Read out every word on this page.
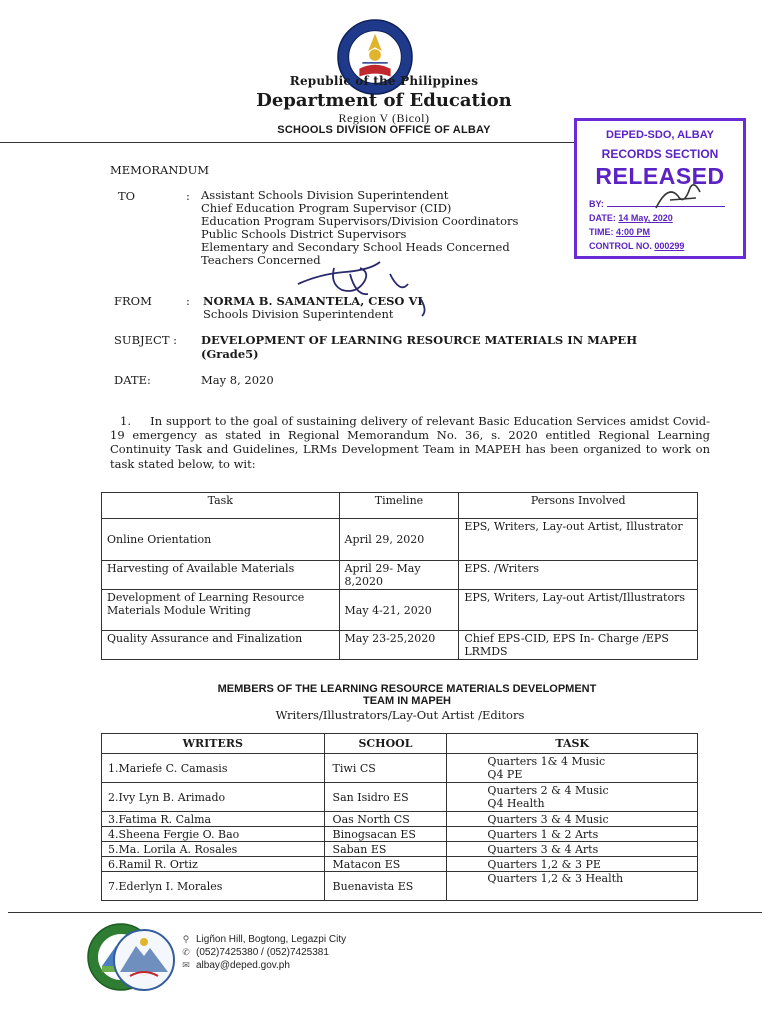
Republic of the Philippines
Department of Education
Region V (Bicol)
SCHOOLS DIVISION OFFICE OF ALBAY	DEPED-SDO, ALBAY
RECORDS SECTION
RELEASED
BY:
DATE: 14 May, 2020
TIME: 4:00 PM
CONTROL NO. 000299
MEMORANDUM
TO	: Assistant Schools Division Superintendent
Chief Education Program Supervisor (CID)
Education Program Supervisors/Division Coordinators
Public Schools District Supervisors
Elementary and Secondary School Heads Concerned
Teachers Concerned
FROM	: NORMA B. SAMANTELA, CESO VI
Schools Division Superintendent
SUBJECT : DEVELOPMENT OF LEARNING RESOURCE MATERIALS IN MAPEH (Grade5)
DATE:	May 8, 2020
1. In support to the goal of sustaining delivery of relevant Basic Education Services amidst Covid-19 emergency as stated in Regional Memorandum No. 36, s. 2020 entitled Regional Learning Continuity Task and Guidelines, LRMs Development Team in MAPEH has been organized to work on task stated below, to wit:
Task	Timeline	Persons Involved
Online Orientation	April 29, 2020	EPS, Writers, Lay-out Artist, Illustrator
Harvesting of Available Materials	April 29- May 8,2020	EPS. /Writers
Development of Learning Resource Materials Module Writing	May 4-21, 2020	EPS, Writers, Lay-out Artist/Illustrators
Quality Assurance and Finalization	May 23-25,2020	Chief EPS-CID, EPS In- Charge /EPS LRMDS
MEMBERS OF THE LEARNING RESOURCE MATERIALS DEVELOPMENT
TEAM IN MAPEH
Writers/Illustrators/Lay-Out Artist /Editors
WRITERS	SCHOOL	TASK
1.Mariefe C. Camasis	Tiwi CS	Quarters 1& 4 Music
Q4 PE

2.Ivy Lyn B. Arimado	San Isidro ES	Quarters 2 & 4 Music
Q4 Health

3.Fatima R. Calma	Oas North CS	Quarters 3 & 4 Music
4.Sheena Fergie O. Bao	Binogsacan ES	Quarters 1 & 2 Arts
5.Ma. Lorila A. Rosales	Saban ES	Quarters 3 & 4 Arts
6.Ramil R. Ortiz	Matacon ES	Quarters 1,2 & 3 PE
7.Ederlyn I. Morales	Buenavista ES	Quarters 1,2 & 3 Health
⚲ Ligñon Hill, Bogtong, Legazpi City
✆ (052)7425380 / (052)7425381
✉ albay@deped.gov.ph
